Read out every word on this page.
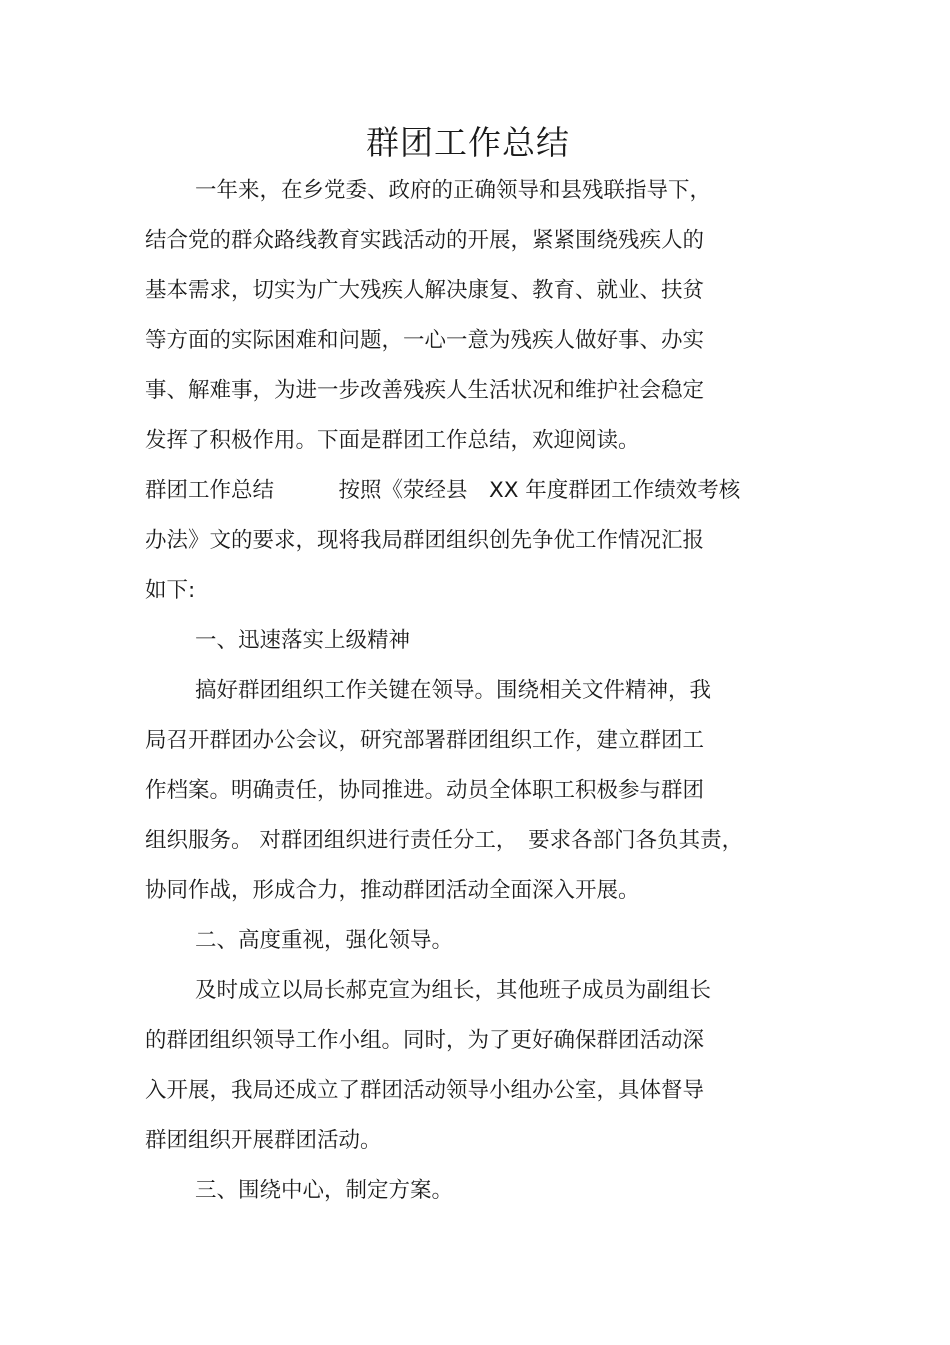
群团工作总结
一年来，在乡党委、政府的正确领导和县残联指导下，
结合党的群众路线教育实践活动的开展，紧紧围绕残疾人的
基本需求，切实为广大残疾人解决康复、教育、就业、扶贫
等方面的实际困难和问题，一心一意为残疾人做好事、办实
事、解难事，为进一步改善残疾人生活状况和维护社会稳定
发挥了积极作用。下面是群团工作总结，欢迎阅读。
群团工作总结　　　按照《荥经县　XX 年度群团工作绩效考核
办法》文的要求，现将我局群团组织创先争优工作情况汇报
如下:
一、迅速落实上级精神
搞好群团组织工作关键在领导。围绕相关文件精神，我
局召开群团办公会议，研究部署群团组织工作，建立群团工
作档案。明确责任，协同推进。动员全体职工积极参与群团
组织服务。 对群团组织进行责任分工，　要求各部门各负其责，
协同作战，形成合力，推动群团活动全面深入开展。
二、高度重视，强化领导。
及时成立以局长郝克宣为组长，其他班子成员为副组长
的群团组织领导工作小组。同时，为了更好确保群团活动深
入开展，我局还成立了群团活动领导小组办公室，具体督导
群团组织开展群团活动。
三、围绕中心，制定方案。
